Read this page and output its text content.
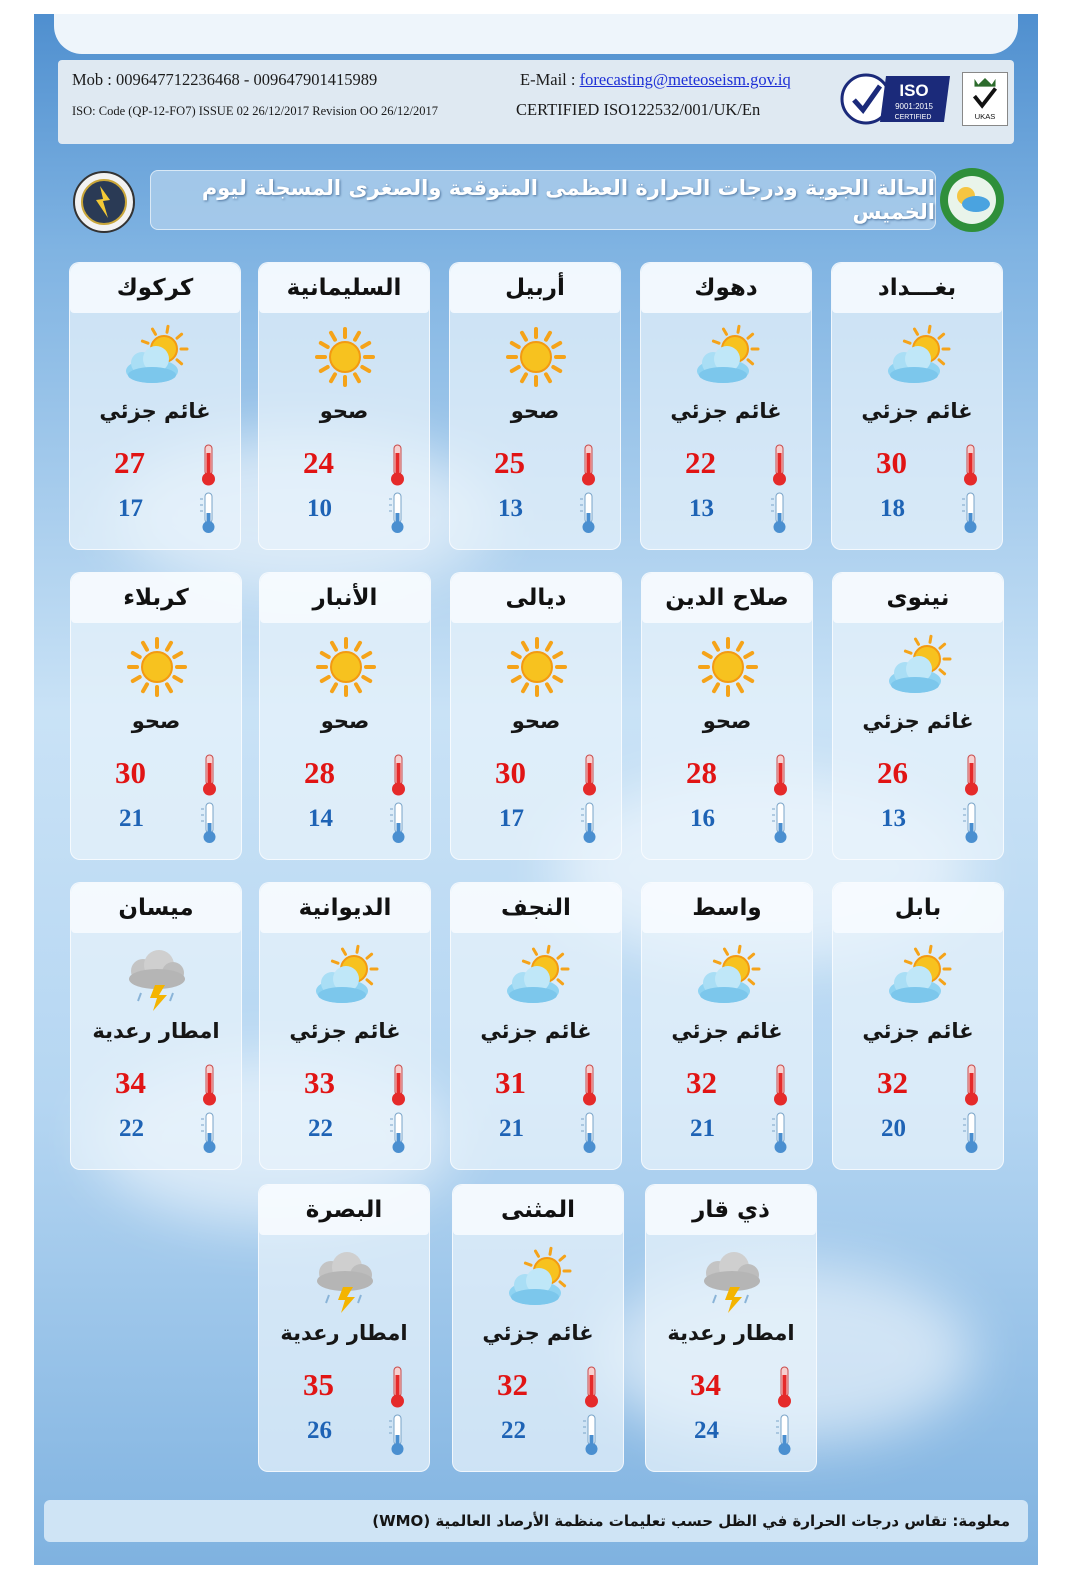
Mob : 009647712236468 - 009647901415989
ISO: Code (QP-12-FO7) ISSUE 02 26/12/2017 Revision OO 26/12/2017
E-Mail : forecasting@meteoseism.gov.iq
CERTIFIED ISO122532/001/UK/En
ISO
9001:2015
CERTIFIED	UKAS
الحالة الجوية ودرجات الحرارة العظمى المتوقعة والصغرى المسجلة ليوم الخميس
بغـــداد
غائم جزئي
30
18
دهوك
غائم جزئي
22
13
أربيل
صحو
25
13
السليمانية
صحو
24
10
كركوك
غائم جزئي
27
17
نينوى
غائم جزئي
26
13
صلاح الدين
صحو
28
16
ديالى
صحو
30
17
الأنبار
صحو
28
14
كربلاء
صحو
30
21
بابل
غائم جزئي
32
20
واسط
غائم جزئي
32
21
النجف
غائم جزئي
31
21
الديوانية
غائم جزئي
33
22
ميسان
امطار رعدية
34
22
ذي قار
امطار رعدية
34
24
المثنى
غائم جزئي
32
22
البصرة
امطار رعدية
35
26
معلومة: تقاس درجات الحرارة في الظل حسب تعليمات منظمة الأرصاد العالمية (WMO)
